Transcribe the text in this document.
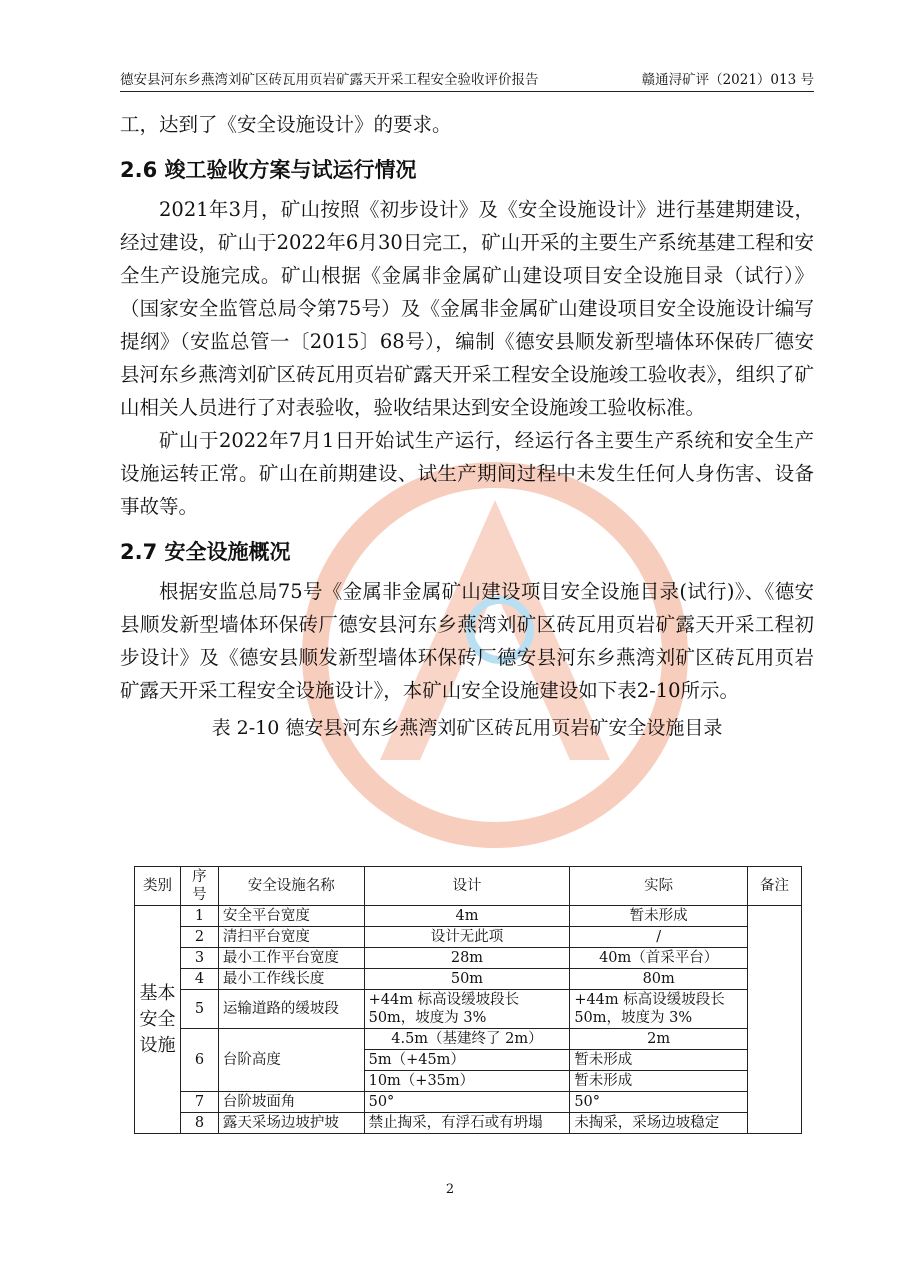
德安县河东乡燕湾刘矿区砖瓦用页岩矿露天开采工程安全验收评价报告	赣通浔矿评（2021）013 号

工，达到了《安全设施设计》的要求。

2.6 竣工验收方案与试运行情况

2021年3月，矿山按照《初步设计》及《安全设施设计》进行基建期建设，经过建设，矿山于2022年6月30日完工，矿山开采的主要生产系统基建工程和安全生产设施完成。矿山根据《金属非金属矿山建设项目安全设施目录（试行）》（国家安全监管总局令第75号）及《金属非金属矿山建设项目安全设施设计编写提纲》（安监总管一〔2015〕68号），编制《德安县顺发新型墙体环保砖厂德安县河东乡燕湾刘矿区砖瓦用页岩矿露天开采工程安全设施竣工验收表》，组织了矿山相关人员进行了对表验收，验收结果达到安全设施竣工验收标准。

矿山于2022年7月1日开始试生产运行，经运行各主要生产系统和安全生产设施运转正常。矿山在前期建设、试生产期间过程中未发生任何人身伤害、设备事故等。

2.7 安全设施概况

根据安监总局75号《金属非金属矿山建设项目安全设施目录(试行)》、《德安县顺发新型墙体环保砖厂德安县河东乡燕湾刘矿区砖瓦用页岩矿露天开采工程初步设计》及《德安县顺发新型墙体环保砖厂德安县河东乡燕湾刘矿区砖瓦用页岩矿露天开采工程安全设施设计》，本矿山安全设施建设如下表2-10所示。

表 2-10 德安县河东乡燕湾刘矿区砖瓦用页岩矿安全设施目录
类别	序号	安全设施名称	设计	实际	备注
基本安全设施	1	安全平台宽度	4m	暂未形成	
	2	清扫平台宽度	设计无此项	/	
	3	最小工作平台宽度	28m	40m（首采平台）	
	4	最小工作线长度	50m	80m	
	5	运输道路的缓坡段	+44m 标高设缓坡段长 50m，坡度为 3%	+44m 标高设缓坡段长 50m，坡度为 3%	
	6	台阶高度	4.5m（基建终了 2m）	2m	
			5m（+45m）	暂未形成	
			10m（+35m）	暂未形成	
	7	台阶坡面角	50°	50°	
	8	露天采场边坡护坡	禁止掏采，有浮石或有坍塌	未掏采，采场边坡稳定	
2
